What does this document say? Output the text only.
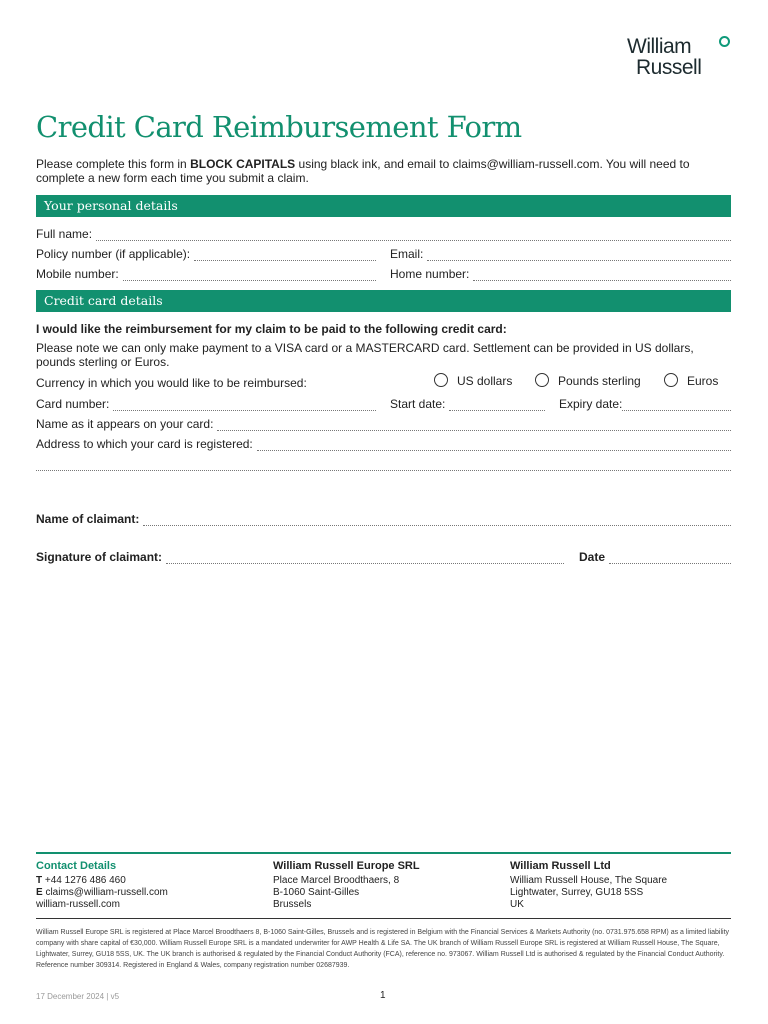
William
Russell
Credit Card Reimbursement Form
Please complete this form in BLOCK CAPITALS using black ink, and email to claims@william-russell.com. You will need to complete a new form each time you submit a claim.
Your personal details
Full name:
Policy number (if applicable):	Email:
Mobile number:	Home number:
Credit card details
I would like the reimbursement for my claim to be paid to the following credit card:
Please note we can only make payment to a VISA card or a MASTERCARD card. Settlement can be provided in US dollars, pounds sterling or Euros.
Currency in which you would like to be reimbursed:	US dollars	Pounds sterling	Euros
Card number:	Start date:	Expiry date:
Name as it appears on your card:
Address to which your card is registered:
Name of claimant:
Signature of claimant:	Date
Contact Details
T +44 1276 486 460
E claims@william-russell.com
william-russell.com
William Russell Europe SRL
Place Marcel Broodthaers, 8
B-1060 Saint-Gilles
Brussels
William Russell Ltd
William Russell House, The Square
Lightwater, Surrey, GU18 5SS
UK
William Russell Europe SRL is registered at Place Marcel Broodthaers 8, B-1060 Saint-Gilles, Brussels and is registered in Belgium with the Financial Services & Markets Authority (no. 0731.975.658 RPM) as a limited liability company with share capital of €30,000. William Russell Europe SRL is a mandated underwriter for AWP Health & Life SA. The UK branch of William Russell Europe SRL is registered at William Russell House, The Square, Lightwater, Surrey, GU18 5SS, UK. The UK branch is authorised & regulated by the Financial Conduct Authority (FCA), reference no. 973067. William Russell Ltd is authorised & regulated by the Financial Conduct Authority. Reference number 309314. Registered in England & Wales, company registration number 02687939.
17 December 2024 | v5	1
